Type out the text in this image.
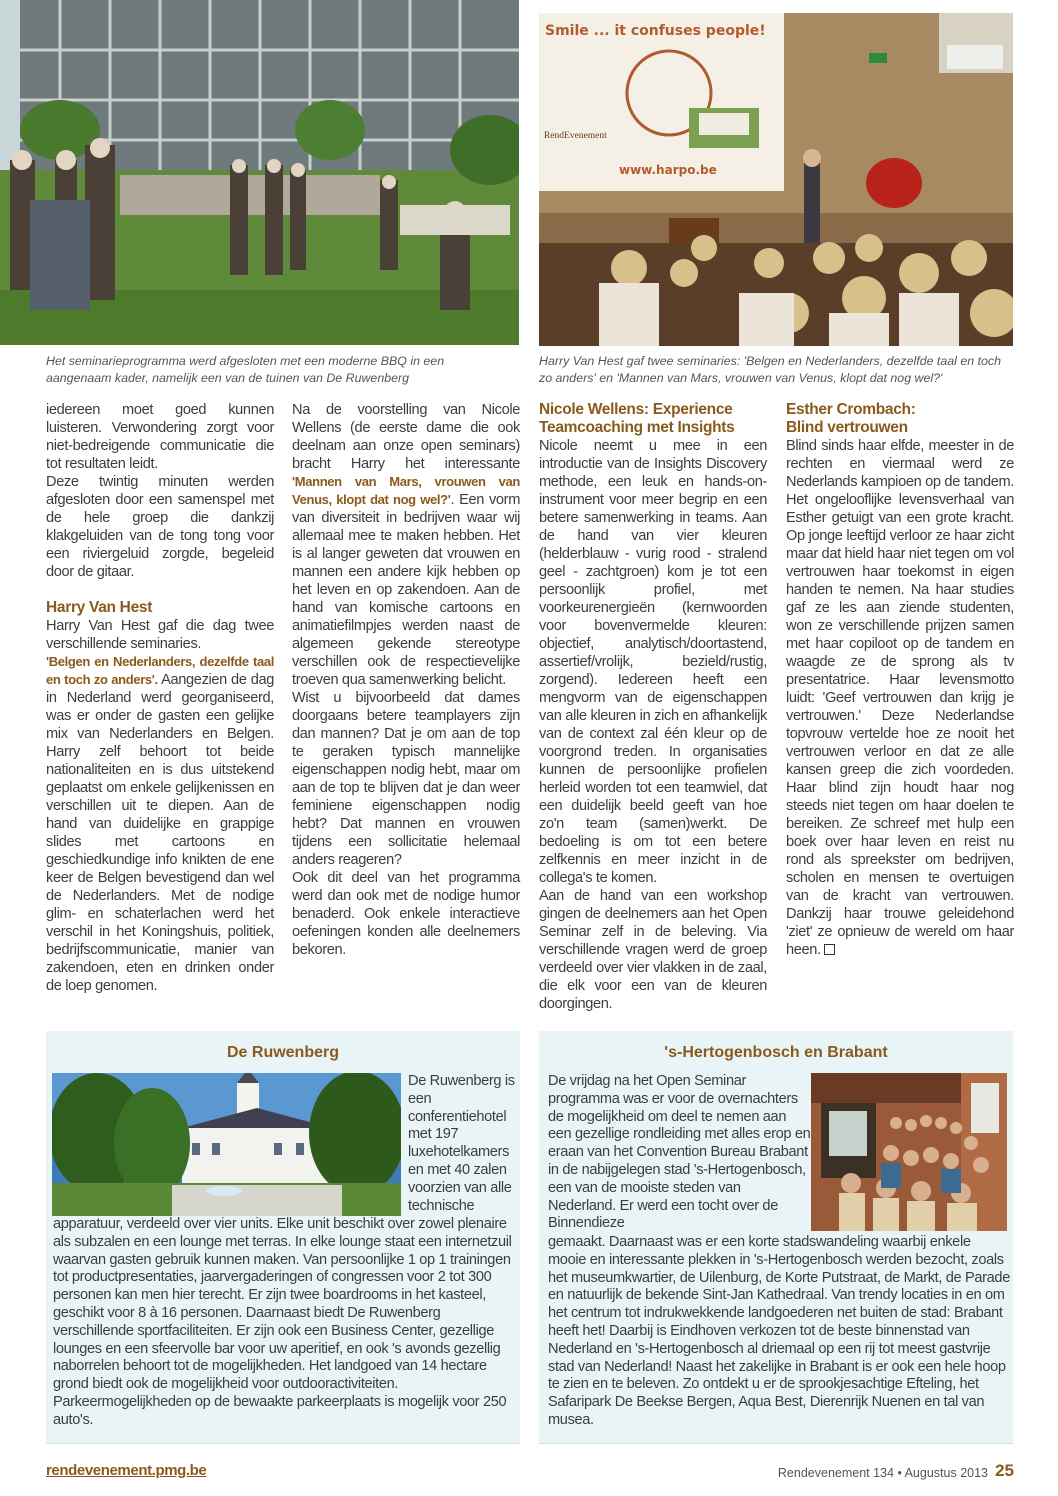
Smile ... it confuses people!
RendEvenement
www.harpo.be
Het seminarieprogramma werd afgesloten met een moderne BBQ in een aangenaam kader, namelijk een van de tuinen van De Ruwenberg
Harry Van Hest gaf twee seminaries: 'Belgen en Nederlanders, dezelfde taal en toch zo anders' en 'Mannen van Mars, vrouwen van Venus, klopt dat nog wel?'

iedereen moet goed kunnen luisteren. Verwondering zorgt voor niet-bedreigende communicatie die tot resultaten leidt.

Deze twintig minuten werden afgesloten door een samenspel met de hele groep die dankzij klakgeluiden van de tong tong voor een riviergeluid zorgde, begeleid door de gitaar.

Harry Van Hest

Harry Van Hest gaf die dag twee verschillende seminaries.

'Belgen en Nederlanders, dezelfde taal en toch zo anders'. Aangezien de dag in Nederland werd georganiseerd, was er onder de gasten een gelijke mix van Nederlanders en Belgen. Harry zelf behoort tot beide nationaliteiten en is dus uitstekend geplaatst om enkele gelijkenissen en verschillen uit te diepen. Aan de hand van duidelijke en grappige slides met cartoons en geschiedkundige info knikten de ene keer de Belgen bevestigend dan wel de Nederlanders. Met de nodige glim- en schaterlachen werd het verschil in het Koningshuis, politiek, bedrijfscommunicatie, manier van zakendoen, eten en drinken onder de loep genomen.

Na de voorstelling van Nicole Wellens (de eerste dame die ook deelnam aan onze open seminars) bracht Harry het interessante 'Mannen van Mars, vrouwen van Venus, klopt dat nog wel?'. Een vorm van diversiteit in bedrijven waar wij allemaal mee te maken hebben. Het is al langer geweten dat vrouwen en mannen een andere kijk hebben op het leven en op zakendoen. Aan de hand van komische cartoons en animatiefilmpjes werden naast de algemeen gekende stereotype verschillen ook de respectievelijke troeven qua samenwerking belicht.

Wist u bijvoorbeeld dat dames doorgaans betere teamplayers zijn dan mannen? Dat je om aan de top te geraken typisch mannelijke eigenschappen nodig hebt, maar om aan de top te blijven dat je dan weer feminiene eigenschappen nodig hebt? Dat mannen en vrouwen tijdens een sollicitatie helemaal anders reageren?

Ook dit deel van het programma werd dan ook met de nodige humor benaderd. Ook enkele interactieve oefeningen konden alle deelnemers bekoren.

Nicole Wellens: Experience
Teamcoaching met Insights

Nicole neemt u mee in een introductie van de Insights Discovery methode, een leuk en hands-on-instrument voor meer begrip en een betere samenwerking in teams. Aan de hand van vier kleuren (helderblauw - vurig rood - stralend geel - zachtgroen) kom je tot een persoonlijk profiel, met voorkeurenergieën (kernwoorden voor bovenvermelde kleuren: objectief, analytisch/doortastend, assertief/vrolijk, bezield/rustig, zorgend). Iedereen heeft een mengvorm van de eigenschappen van alle kleuren in zich en afhankelijk van de context zal één kleur op de voorgrond treden. In organisaties kunnen de persoonlijke profielen herleid worden tot een teamwiel, dat een duidelijk beeld geeft van hoe zo'n team (samen)werkt. De bedoeling is om tot een betere zelfkennis en meer inzicht in de collega's te komen.

Aan de hand van een workshop gingen de deelnemers aan het Open Seminar zelf in de beleving. Via verschillende vragen werd de groep verdeeld over vier vlakken in de zaal, die elk voor een van de kleuren doorgingen.

Esther Crombach:
Blind vertrouwen

Blind sinds haar elfde, meester in de rechten en viermaal werd ze Nederlands kampioen op de tandem. Het ongelooflijke levensverhaal van Esther getuigt van een grote kracht. Op jonge leeftijd verloor ze haar zicht maar dat hield haar niet tegen om vol vertrouwen haar toekomst in eigen handen te nemen. Na haar studies gaf ze les aan ziende studenten, won ze verschillende prijzen samen met haar copiloot op de tandem en waagde ze de sprong als tv presentatrice. Haar levensmotto luidt: 'Geef vertrouwen dan krijg je vertrouwen.' Deze Nederlandse topvrouw vertelde hoe ze nooit het vertrouwen verloor en dat ze alle kansen greep die zich voordeden. Haar blind zijn houdt haar nog steeds niet tegen om haar doelen te bereiken. Ze schreef met hulp een boek over haar leven en reist nu rond als spreekster om bedrijven, scholen en mensen te overtuigen van de kracht van vertrouwen. Dankzij haar trouwe geleidehond 'ziet' ze opnieuw de wereld om haar heen.

De Ruwenberg
De Ruwenberg is een conferentiehotel met 197 luxehotelkamers en met 40 zalen voorzien van alle technische
apparatuur, verdeeld over vier units. Elke unit beschikt over zowel plenaire als subzalen en een lounge met terras. In elke lounge staat een internetzuil waarvan gasten gebruik kunnen maken. Van persoonlijke 1 op 1 trainingen tot productpresentaties, jaarvergaderingen of congressen voor 2 tot 300 personen kan men hier terecht. Er zijn twee boardrooms in het kasteel, geschikt voor 8 à 16 personen. Daarnaast biedt De Ruwenberg verschillende sportfaciliteiten. Er zijn ook een Business Center, gezellige lounges en een sfeervolle bar voor uw aperitief, en ook 's avonds gezellig naborrelen behoort tot de mogelijkheden. Het landgoed van 14 hectare grond biedt ook de mogelijkheid voor outdooractiviteiten. Parkeermogelijkheden op de bewaakte parkeerplaats is mogelijk voor 250 auto's.
's-Hertogenbosch en Brabant
De vrijdag na het Open Seminar programma was er voor de overnachters de mogelijkheid om deel te nemen aan een gezellige rondleiding met alles erop en eraan van het Convention Bureau Brabant in de nabijgelegen stad 's-Hertogenbosch, een van de mooiste steden van Nederland. Er werd een tocht over de Binnendieze
gemaakt. Daarnaast was er een korte stadswandeling waarbij enkele mooie en interessante plekken in 's-Hertogenbosch werden bezocht, zoals het museumkwartier, de Uilenburg, de Korte Putstraat, de Markt, de Parade en natuurlijk de bekende Sint-Jan Kathedraal. Van trendy locaties in en om het centrum tot indrukwekkende landgoederen net buiten de stad: Brabant heeft het! Daarbij is Eindhoven verkozen tot de beste binnenstad van Nederland en 's-Hertogenbosch al driemaal op een rij tot meest gastvrije stad van Nederland! Naast het zakelijke in Brabant is er ook een hele hoop te zien en te beleven. Zo ontdekt u er de sprookjesachtige Efteling, het Safaripark De Beekse Bergen, Aqua Best, Dierenrijk Nuenen en tal van musea.
rendevenement.pmg.be	Rendevenement 134 • Augustus 2013 25
